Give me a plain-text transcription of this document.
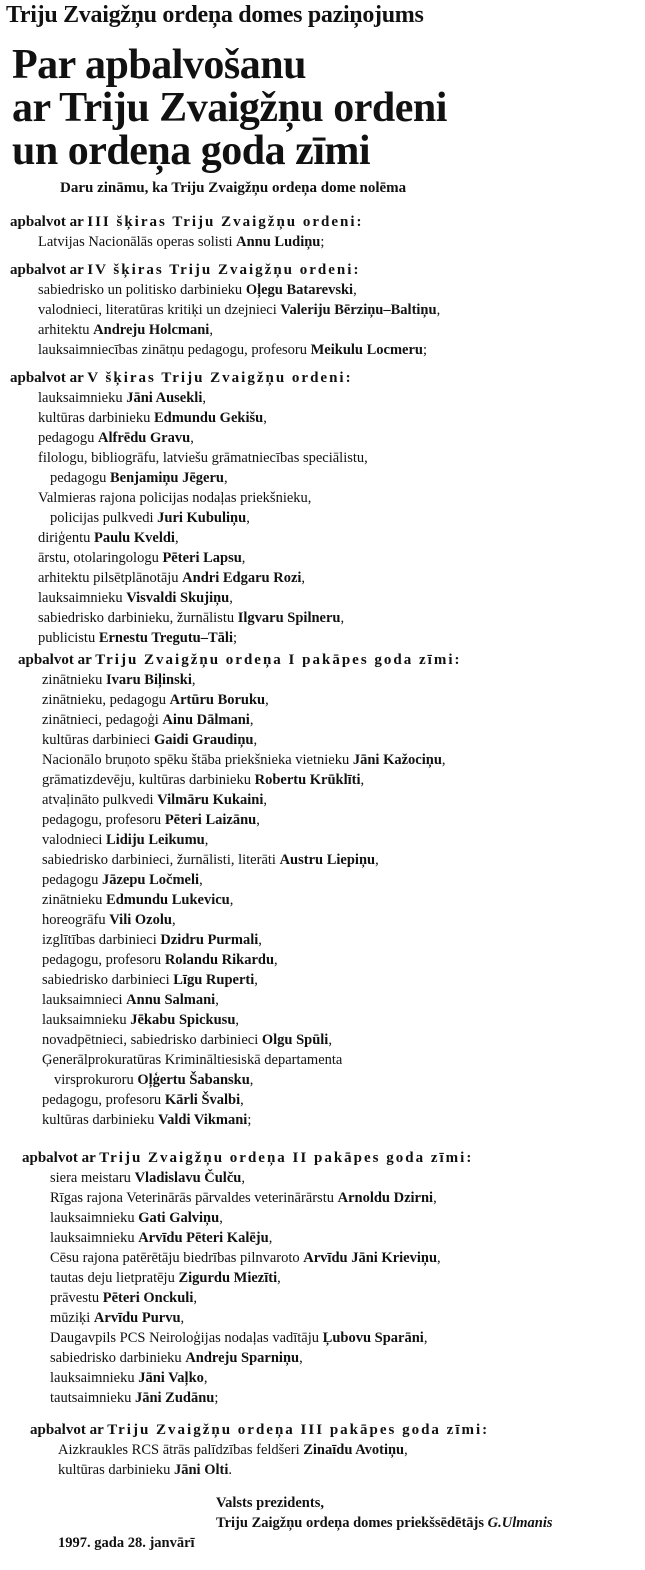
Triju Zvaigžņu ordeņa domes paziņojums
Par apbalvošanu
ar Triju Zvaigžņu ordeni
un ordeņa goda zīmi
Daru zināmu, ka Triju Zvaigžņu ordeņa dome nolēma
apbalvot ar III šķiras Triju Zvaigžņu ordeni:
Latvijas Nacionālās operas solisti Annu Ludiņu;
apbalvot ar IV šķiras Triju Zvaigžņu ordeni:
sabiedrisko un politisko darbinieku Oļegu Batarevski,
valodnieci, literatūras kritiķi un dzejnieci Valeriju Bērziņu–Baltiņu,
arhitektu Andreju Holcmani,
lauksaimniecības zinātņu pedagogu, profesoru Meikulu Locmeru;
apbalvot ar V šķiras Triju Zvaigžņu ordeni:
lauksaimnieku Jāni Ausekli,
kultūras darbinieku Edmundu Gekišu,
pedagogu Alfrēdu Gravu,
filologu, bibliogrāfu, latviešu grāmatniecības speciālistu,
pedagogu Benjamiņu Jēgeru,
Valmieras rajona policijas nodaļas priekšnieku,
policijas pulkvedi Juri Kubuliņu,
diriģentu Paulu Kveldi,
ārstu, otolaringologu Pēteri Lapsu,
arhitektu pilsētplānotāju Andri Edgaru Rozi,
lauksaimnieku Visvaldi Skujiņu,
sabiedrisko darbinieku, žurnālistu Ilgvaru Spilneru,
publicistu Ernestu Tregutu–Tāli;
apbalvot ar Triju Zvaigžņu ordeņa I pakāpes goda zīmi:
zinātnieku Ivaru Biļinski,
zinātnieku, pedagogu Artūru Boruku,
zinātnieci, pedagoģi Ainu Dālmani,
kultūras darbinieci Gaidi Graudiņu,
Nacionālo bruņoto spēku štāba priekšnieka vietnieku Jāni Kažociņu,
grāmatizdevēju, kultūras darbinieku Robertu Krūklīti,
atvaļināto pulkvedi Vilmāru Kukaini,
pedagogu, profesoru Pēteri Laizānu,
valodnieci Lidiju Leikumu,
sabiedrisko darbinieci, žurnālisti, literāti Austru Liepiņu,
pedagogu Jāzepu Ločmeli,
zinātnieku Edmundu Lukevicu,
horeogrāfu Vili Ozolu,
izglītības darbinieci Dzidru Purmali,
pedagogu, profesoru Rolandu Rikardu,
sabiedrisko darbinieci Līgu Ruperti,
lauksaimnieci Annu Salmani,
lauksaimnieku Jēkabu Spickusu,
novadpētnieci, sabiedrisko darbinieci Olgu Spūli,
Ģenerālprokuratūras Krimināltiesiskā departamenta
virsprokuroru Oļģertu Šabansku,
pedagogu, profesoru Kārli Švalbi,
kultūras darbinieku Valdi Vikmani;
apbalvot ar Triju Zvaigžņu ordeņa II pakāpes goda zīmi:
siera meistaru Vladislavu Čulču,
Rīgas rajona Veterinārās pārvaldes veterinārārstu Arnoldu Dzirni,
lauksaimnieku Gati Galviņu,
lauksaimnieku Arvīdu Pēteri Kalēju,
Cēsu rajona patērētāju biedrības pilnvaroto Arvīdu Jāni Krieviņu,
tautas deju lietpratēju Zigurdu Miezīti,
prāvestu Pēteri Onckuli,
mūziķi Arvīdu Purvu,
Daugavpils PCS Neiroloģijas nodaļas vadītāju Ļubovu Sparāni,
sabiedrisko darbinieku Andreju Sparniņu,
lauksaimnieku Jāni Vaļko,
tautsaimnieku Jāni Zudānu;
apbalvot ar Triju Zvaigžņu ordeņa III pakāpes goda zīmi:
Aizkraukles RCS ātrās palīdzības feldšeri Zinaīdu Avotiņu,
kultūras darbinieku Jāni Olti.
Valsts prezidents,
Triju Zaigžņu ordeņa domes priekšsēdētājs G.Ulmanis
1997. gada 28. janvārī
